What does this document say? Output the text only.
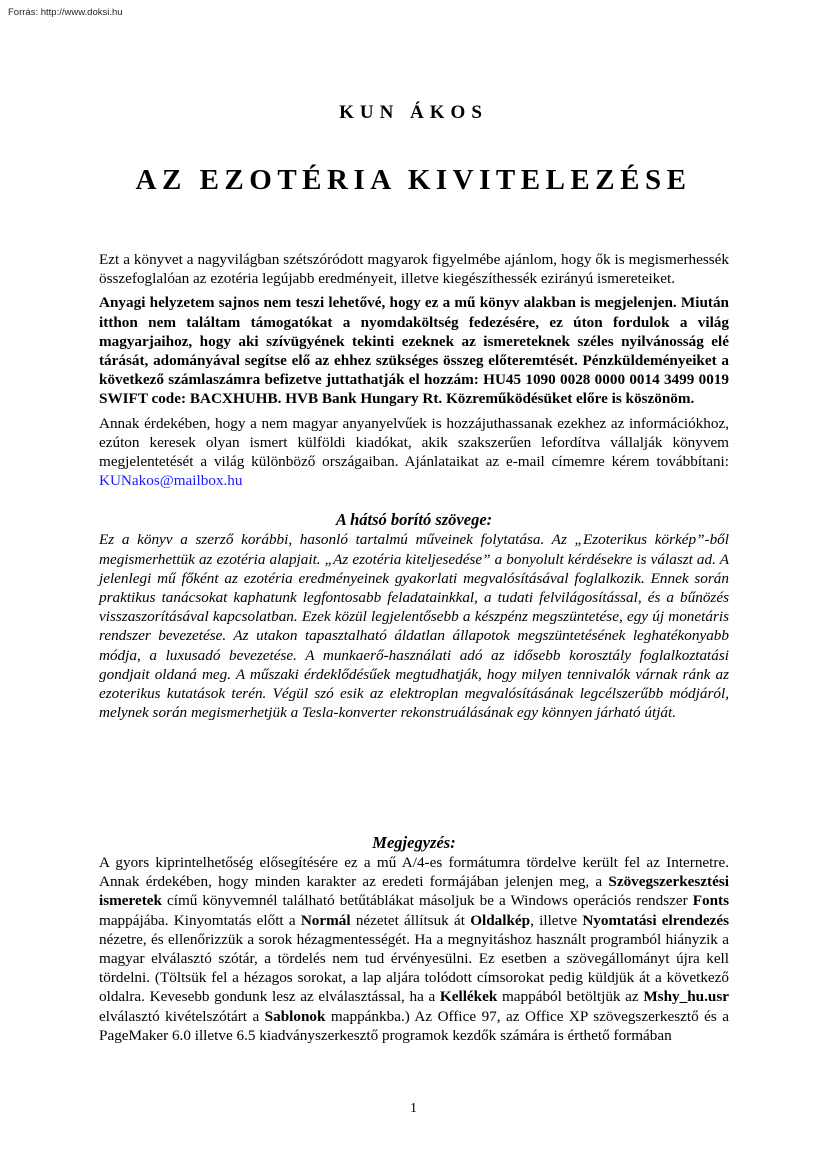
Forrás: http://www.doksi.hu
KUN ÁKOS
AZ EZOTÉRIA KIVITELEZÉSE

Ezt a könyvet a nagyvilágban szétszóródott magyarok figyelmébe ajánlom, hogy ők is megismerhessék összefoglalóan az ezotéria legújabb eredményeit, illetve kiegészíthessék ezirányú ismereteiket.

Anyagi helyzetem sajnos nem teszi lehetővé, hogy ez a mű könyv alakban is megjelenjen. Miután itthon nem találtam támogatókat a nyomdaköltség fedezésére, ez úton fordulok a világ magyarjaihoz, hogy aki szívügyének tekinti ezeknek az ismereteknek széles nyilvánosság elé tárását, adományával segítse elő az ehhez szükséges összeg előteremtését. Pénzküldeményeiket a következő számlaszámra befizetve juttathatják el hozzám: HU45 1090 0028 0000 0014 3499 0019 SWIFT code: BACXHUHB. HVB Bank Hungary Rt. Közreműködésüket előre is köszönöm.

Annak érdekében, hogy a nem magyar anyanyelvűek is hozzájuthassanak ezekhez az információkhoz, ezúton keresek olyan ismert külföldi kiadókat, akik szakszerűen lefordítva vállalják könyvem megjelentetését a világ különböző országaiban. Ajánlataikat az e-mail címemre kérem továbbítani: KUNakos@mailbox.hu

A hátsó borító szövege:

Ez a könyv a szerző korábbi, hasonló tartalmú műveinek folytatása. Az „Ezoterikus körkép”-ből megismerhettük az ezotéria alapjait. „Az ezotéria kiteljesedése” a bonyolult kérdésekre is választ ad. A jelenlegi mű főként az ezotéria eredményeinek gyakorlati megvalósításával foglalkozik. Ennek során praktikus tanácsokat kaphatunk legfontosabb feladatainkkal, a tudati felvilágosítással, és a bűnözés visszaszorításával kapcsolatban. Ezek közül legjelentősebb a készpénz megszüntetése, egy új monetáris rendszer bevezetése. Az utakon tapasztalható áldatlan állapotok megszüntetésének leghatékonyabb módja, a luxusadó bevezetése. A munkaerő-használati adó az idősebb korosztály foglalkoztatási gondjait oldaná meg. A műszaki érdeklődésűek megtudhatják, hogy milyen tennivalók várnak ránk az ezoterikus kutatások terén. Végül szó esik az elektroplan megvalósításának legcélszerűbb módjáról, melynek során megismerhetjük a Tesla-konverter rekonstruálásának egy könnyen járható útját.

Megjegyzés:

A gyors kiprintelhetőség elősegítésére ez a mű A/4-es formátumra tördelve került fel az Internetre. Annak érdekében, hogy minden karakter az eredeti formájában jelenjen meg, a Szövegszerkesztési ismeretek című könyvemnél található betűtáblákat másoljuk be a Windows operációs rendszer Fonts mappájába. Kinyomtatás előtt a Normál nézetet állítsuk át Oldalkép, illetve Nyomtatási elrendezés nézetre, és ellenőrizzük a sorok hézagmentességét. Ha a megnyitáshoz használt programból hiányzik a magyar elválasztó szótár, a tördelés nem tud érvényesülni. Ez esetben a szövegállományt újra kell tördelni. (Töltsük fel a hézagos sorokat, a lap aljára tolódott címsorokat pedig küldjük át a következő oldalra. Kevesebb gondunk lesz az elválasztással, ha a Kellékek mappából betöltjük az Mshy_hu.usr elválasztó kivételszótárt a Sablonok mappánkba.) Az Office 97, az Office XP szövegszerkesztő és a PageMaker 6.0 illetve 6.5 kiadványszerkesztő programok kezdők számára is érthető formában

1
